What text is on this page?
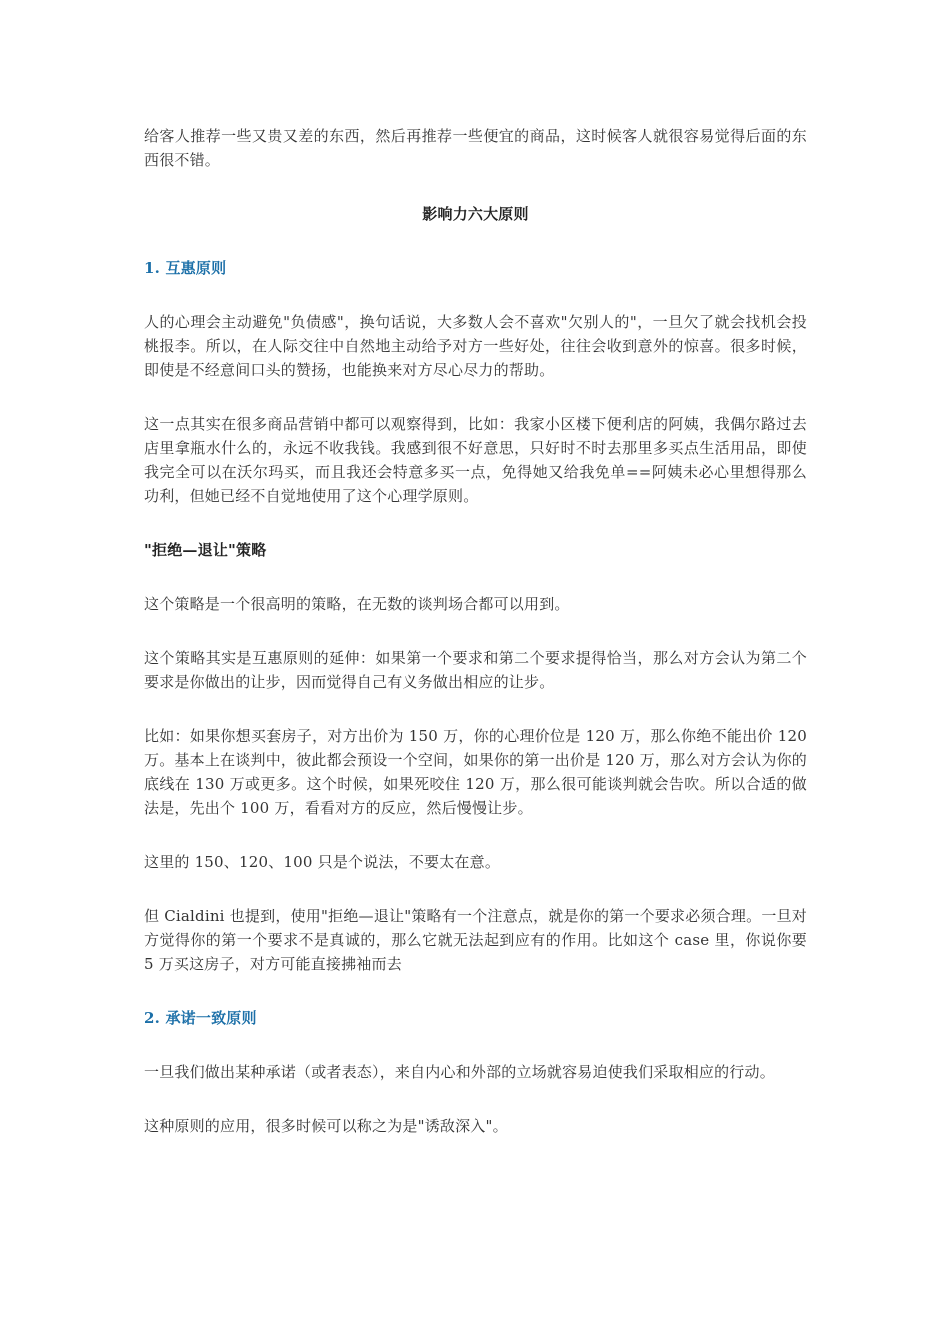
给客人推荐一些又贵又差的东西，然后再推荐一些便宜的商品，这时候客人就很容易觉得后面的东西很不错。

影响力六大原则

1. 互惠原则

人的心理会主动避免"负债感"，换句话说，大多数人会不喜欢"欠别人的"，一旦欠了就会找机会投桃报李。所以，在人际交往中自然地主动给予对方一些好处，往往会收到意外的惊喜。很多时候，即使是不经意间口头的赞扬，也能换来对方尽心尽力的帮助。

这一点其实在很多商品营销中都可以观察得到，比如：我家小区楼下便利店的阿姨，我偶尔路过去店里拿瓶水什么的，永远不收我钱。我感到很不好意思，只好时不时去那里多买点生活用品，即使我完全可以在沃尔玛买，而且我还会特意多买一点，免得她又给我免单==阿姨未必心里想得那么功利，但她已经不自觉地使用了这个心理学原则。

"拒绝—退让"策略

这个策略是一个很高明的策略，在无数的谈判场合都可以用到。

这个策略其实是互惠原则的延伸：如果第一个要求和第二个要求提得恰当，那么对方会认为第二个要求是你做出的让步，因而觉得自己有义务做出相应的让步。

比如：如果你想买套房子，对方出价为 150 万，你的心理价位是 120 万，那么你绝不能出价 120 万。基本上在谈判中，彼此都会预设一个空间，如果你的第一出价是 120 万，那么对方会认为你的底线在 130 万或更多。这个时候，如果死咬住 120 万，那么很可能谈判就会告吹。所以合适的做法是，先出个 100 万，看看对方的反应，然后慢慢让步。

这里的 150、120、100 只是个说法，不要太在意。

但 Cialdini 也提到，使用"拒绝—退让"策略有一个注意点，就是你的第一个要求必须合理。一旦对方觉得你的第一个要求不是真诚的，那么它就无法起到应有的作用。比如这个 case 里，你说你要 5 万买这房子，对方可能直接拂袖而去

2. 承诺一致原则

一旦我们做出某种承诺（或者表态），来自内心和外部的立场就容易迫使我们采取相应的行动。

这种原则的应用，很多时候可以称之为是"诱敌深入"。
